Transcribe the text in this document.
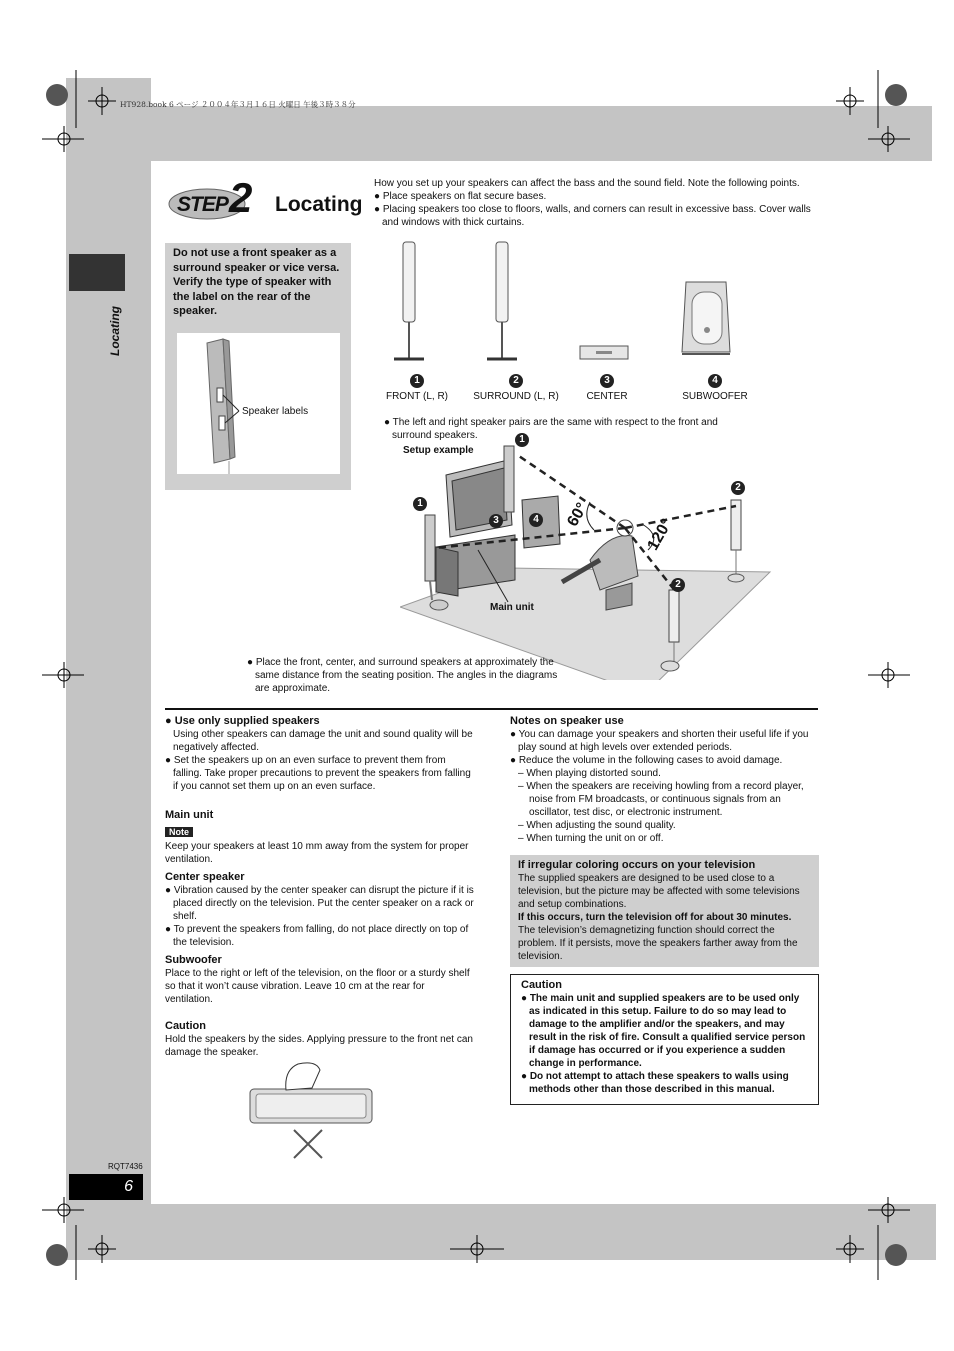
Locating
HT928.book 6 ページ ２００４年３月１６日 火曜日 午後３時３８分
STEP 2 Locating
How you set up your speakers can affect the bass and the sound field. Note the following points.
● Place speakers on flat secure bases.
● Placing speakers too close to floors, walls, and corners can result in excessive bass. Cover walls and windows with thick curtains.
Do not use a front speaker as a surround speaker or vice versa. Verify the type of speaker with the label on the rear of the speaker.
Speaker labels
1
FRONT (L, R)
2
SURROUND (L, R)
3
CENTER
4
SUBWOOFER
● The left and right speaker pairs are the same with respect to the front and surround speakers.
Setup example
1
1
2
2
3	4 60°
120°
Main unit
● Place the front, center, and surround speakers at approximately the same distance from the seating position. The angles in the diagrams are approximate.
● Use only supplied speakers
Using other speakers can damage the unit and sound quality will be negatively affected.
● Set the speakers up on an even surface to prevent them from falling. Take proper precautions to prevent the speakers from falling if you cannot set them up on an even surface.
Main unit
Note
Keep your speakers at least 10 mm away from the system for proper ventilation.
Center speaker
● Vibration caused by the center speaker can disrupt the picture if it is placed directly on the television. Put the center speaker on a rack or shelf.
● To prevent the speakers from falling, do not place directly on top of the television.
Subwoofer
Place to the right or left of the television, on the floor or a sturdy shelf so that it won’t cause vibration. Leave 10 cm at the rear for ventilation.
Caution
Hold the speakers by the sides. Applying pressure to the front net can damage the speaker.
Notes on speaker use
● You can damage your speakers and shorten their useful life if you play sound at high levels over extended periods.
● Reduce the volume in the following cases to avoid damage.
– When playing distorted sound.
– When the speakers are receiving howling from a record player, noise from FM broadcasts, or continuous signals from an oscillator, test disc, or electronic instrument.
– When adjusting the sound quality.
– When turning the unit on or off.
If irregular coloring occurs on your television
The supplied speakers are designed to be used close to a television, but the picture may be affected with some televisions and setup combinations.
If this occurs, turn the television off for about 30 minutes.
The television’s demagnetizing function should correct the problem. If it persists, move the speakers farther away from the television.
Caution
● The main unit and supplied speakers are to be used only as indicated in this setup. Failure to do so may lead to damage to the amplifier and/or the speakers, and may result in the risk of fire. Consult a qualified service person if damage has occurred or if you experience a sudden change in performance.
● Do not attempt to attach these speakers to walls using methods other than those described in this manual.
RQT7436
6
